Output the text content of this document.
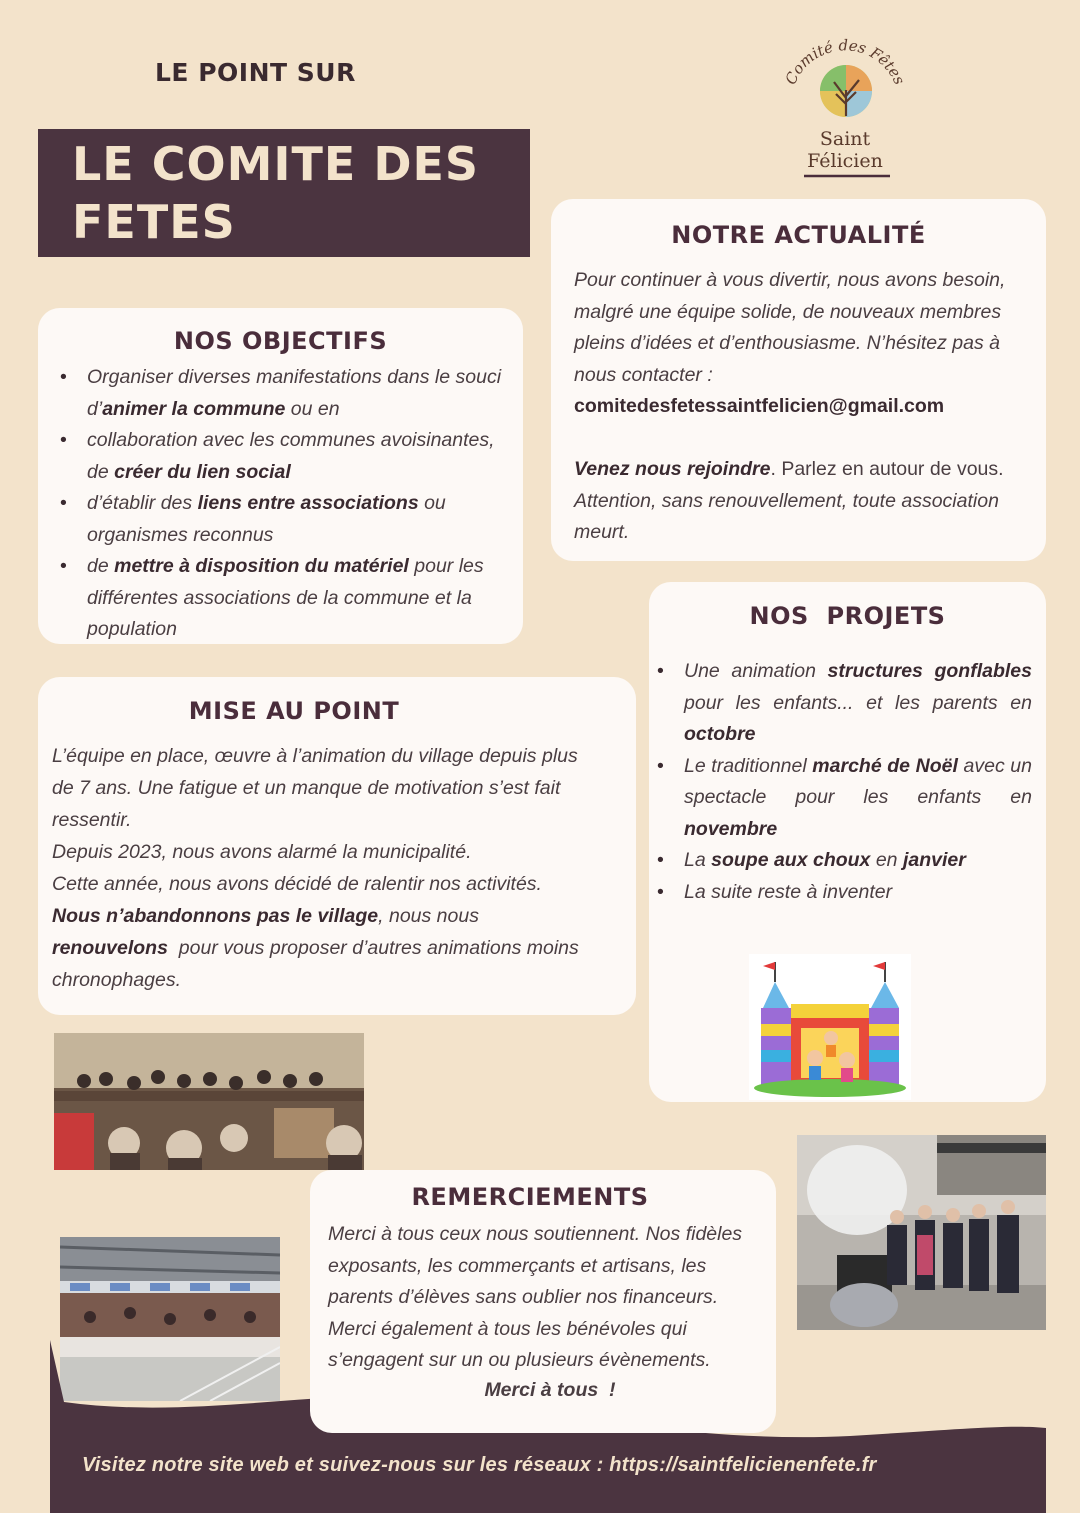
LE POINT SUR
LE COMITE DES
FETES
Comité des Fêtes
Saint Félicien
NOTRE ACTUALITÉ
Pour continuer à vous divertir, nous avons besoin, malgré une équipe solide, de nouveaux membres pleins d’idées et d’enthousiasme. N’hésitez pas à nous contacter :
comitedesfetessaintfelicien@gmail.com

Venez nous rejoindre. Parlez en autour de vous. Attention, sans renouvellement, toute association meurt.
NOS OBJECTIFS
• Organiser diverses manifestations dans le souci d’animer la commune ou en
• collaboration avec les communes avoisinantes, de créer du lien social
• d’établir des liens entre associations ou organismes reconnus
• de mettre à disposition du matériel pour les différentes associations de la commune et la population	NOS  PROJETS
• Une animation structures gonflables pour les enfants... et les parents en octobre
• Le traditionnel marché de Noël avec un spectacle pour les enfants en novembre
• La soupe aux choux en janvier
• La suite reste à inventer
MISE AU POINT
L’équipe en place, œuvre à l’animation du village depuis plus de 7 ans. Une fatigue et un manque de motivation s’est fait ressentir.
Depuis 2023, nous avons alarmé la municipalité.
Cette année, nous avons décidé de ralentir nos activités.
Nous n’abandonnons pas le village, nous nous renouvelons  pour vous proposer d’autres animations moins chronophages.
REMERCIEMENTS
Merci à tous ceux nous soutiennent. Nos fidèles exposants, les commerçants et artisans, les parents d’élèves sans oublier nos financeurs. Merci également à tous les bénévoles qui s’engagent sur un ou plusieurs évènements.
Merci à tous  !
Visitez notre site web et suivez-nous sur les réseaux : https://saintfelicienenfete.fr
